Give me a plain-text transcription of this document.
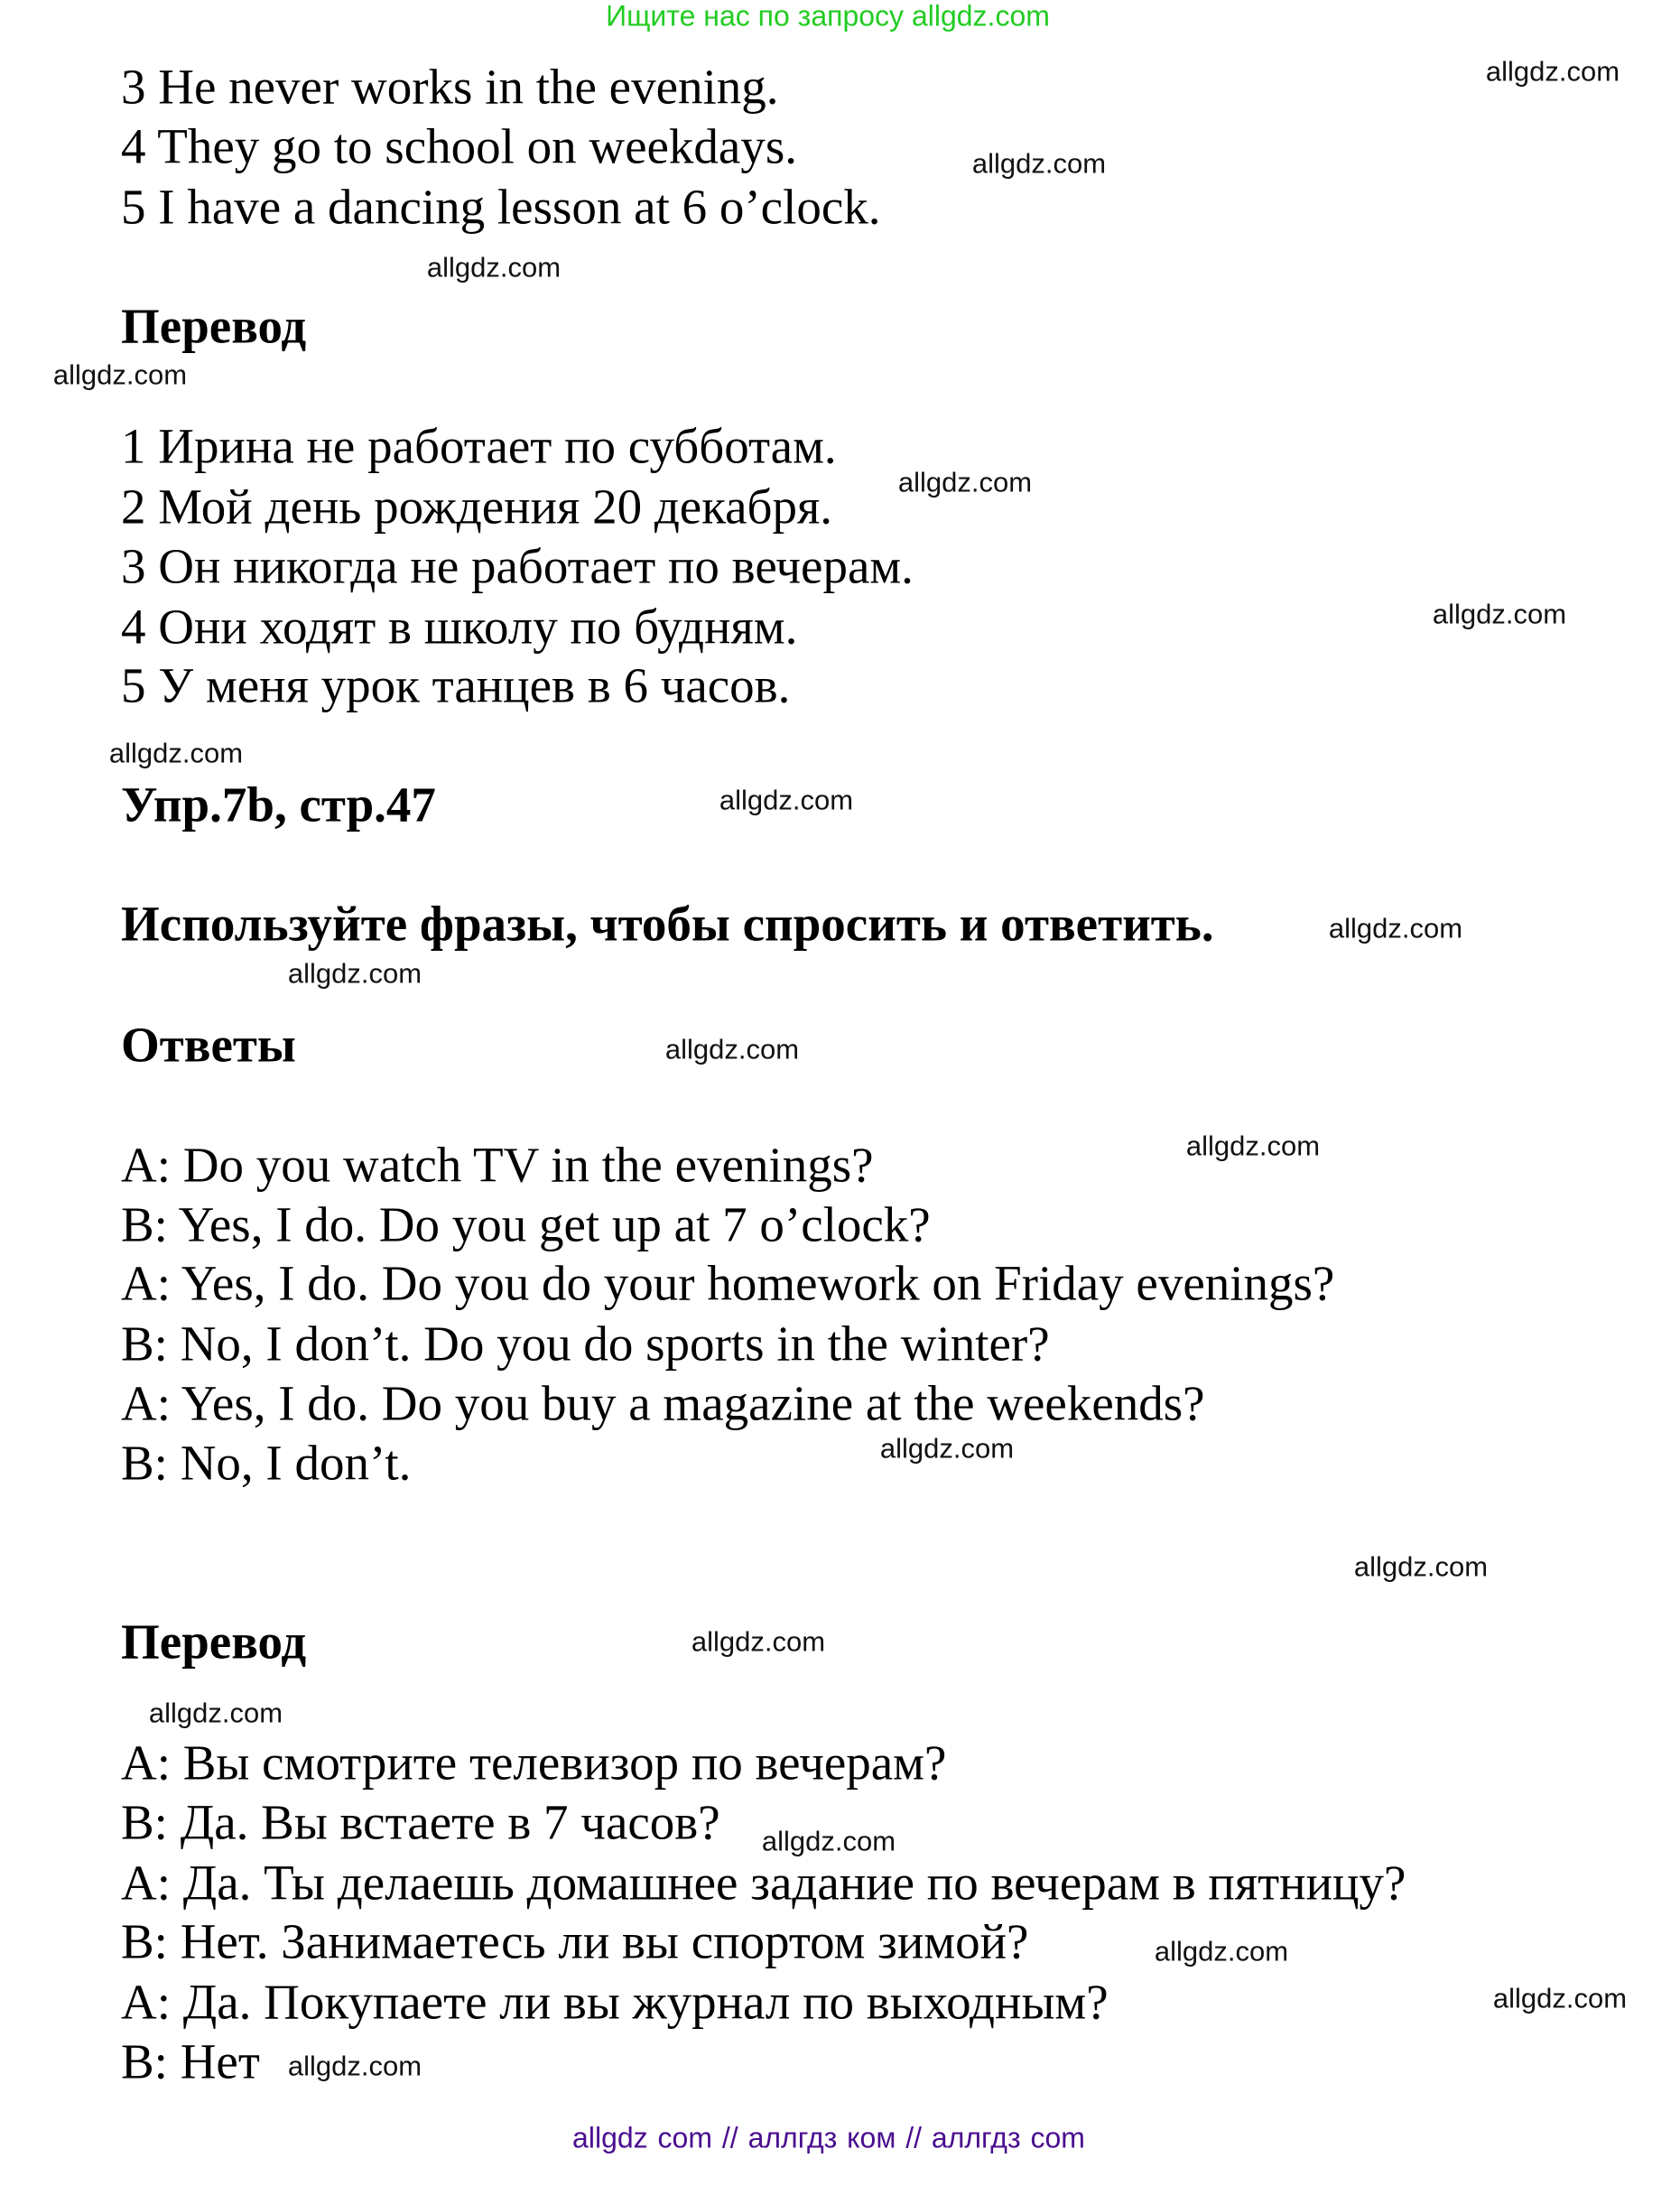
Ищите нас по запросу allgdz.com
3 He never works in the evening.
4 They go to school on weekdays.
5 I have a dancing lesson at 6 o’clock.
Перевод
1 Ирина не работает по субботам.
2 Мой день рождения 20 декабря.
3 Он никогда не работает по вечерам.
4 Они ходят в школу по будням.
5 У меня урок танцев в 6 часов.
Упр.7b, стр.47
Используйте фразы, чтобы спросить и ответить.
Ответы
A: Do you watch TV in the evenings?
B: Yes, I do. Do you get up at 7 o’clock?
A: Yes, I do. Do you do your homework on Friday evenings?
B: No, I don’t. Do you do sports in the winter?
A: Yes, I do. Do you buy a magazine at the weekends?
B: No, I don’t.
Перевод
A: Вы смотрите телевизор по вечерам?
B: Да. Вы встаете в 7 часов?
A: Да. Ты делаешь домашнее задание по вечерам в пятницу?
B: Нет. Занимаетесь ли вы спортом зимой?
A: Да. Покупаете ли вы журнал по выходным?
B: Нет
allgdz.com
allgdz.com
allgdz.com
allgdz.com
allgdz.com
allgdz.com
allgdz.com
allgdz.com
allgdz.com
allgdz.com
allgdz.com
allgdz.com
allgdz.com
allgdz.com
allgdz.com
allgdz.com
allgdz.com
allgdz.com
allgdz.com
allgdz.com
allgdz com // аллгдз ком // аллгдз com
